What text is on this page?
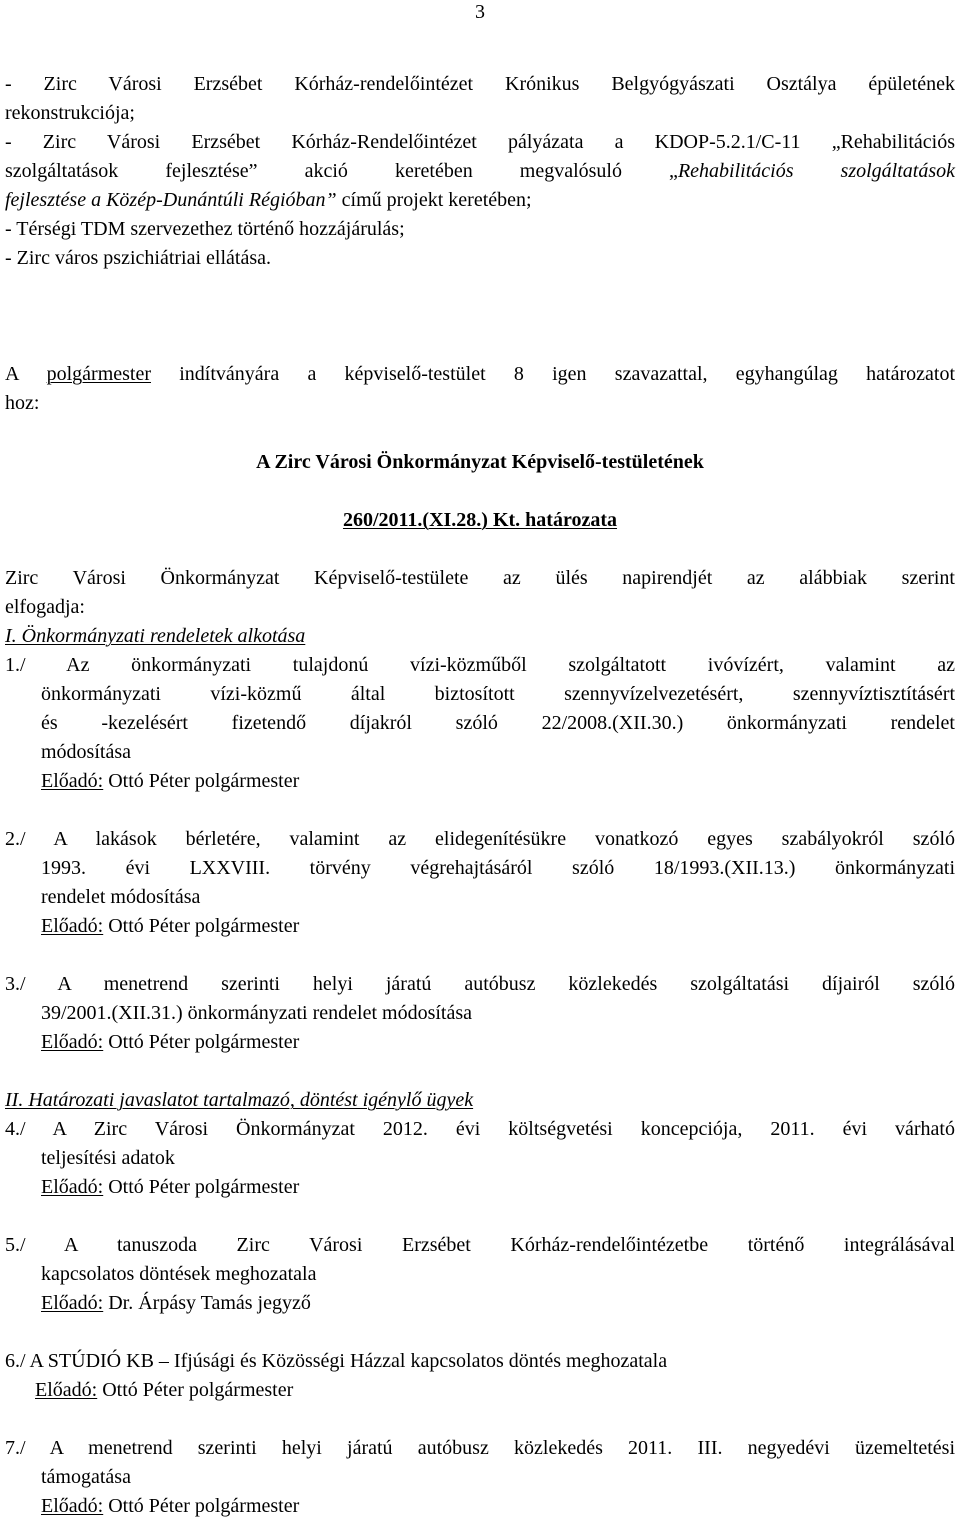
3
- Zirc Városi Erzsébet Kórház-rendelőintézet Krónikus Belgyógyászati Osztálya épületének
rekonstrukciója;
- Zirc Városi Erzsébet Kórház-Rendelőintézet pályázata a KDOP-5.2.1/C-11 „Rehabilitációs
szolgáltatások fejlesztése” akció keretében megvalósuló „Rehabilitációs szolgáltatások
fejlesztése a Közép-Dunántúli Régióban” című projekt keretében;
- Térségi TDM szervezethez történő hozzájárulás;
- Zirc város pszichiátriai ellátása.
A polgármester indítványára a képviselő-testület 8 igen szavazattal, egyhangúlag határozatot
hoz:
A Zirc Városi Önkormányzat Képviselő-testületének
260/2011.(XI.28.) Kt. határozata
Zirc Városi Önkormányzat Képviselő-testülete az ülés napirendjét az alábbiak szerint
elfogadja:
I. Önkormányzati rendeletek alkotása
1./ Az önkormányzati tulajdonú vízi-közműből szolgáltatott ivóvízért, valamint az
önkormányzati vízi-közmű által biztosított szennyvízelvezetésért, szennyvíztisztításért
és -kezelésért fizetendő díjakról szóló 22/2008.(XII.30.) önkormányzati rendelet
módosítása
Előadó: Ottó Péter polgármester
2./ A lakások bérletére, valamint az elidegenítésükre vonatkozó egyes szabályokról szóló
1993. évi LXXVIII. törvény végrehajtásáról szóló 18/1993.(XII.13.) önkormányzati
rendelet módosítása
Előadó: Ottó Péter polgármester
3./ A menetrend szerinti helyi járatú autóbusz közlekedés szolgáltatási díjairól szóló
39/2001.(XII.31.) önkormányzati rendelet módosítása
Előadó: Ottó Péter polgármester
II. Határozati javaslatot tartalmazó, döntést igénylő ügyek
4./ A Zirc Városi Önkormányzat 2012. évi költségvetési koncepciója, 2011. évi várható
teljesítési adatok
Előadó: Ottó Péter polgármester
5./ A tanuszoda Zirc Városi Erzsébet Kórház-rendelőintézetbe történő integrálásával
kapcsolatos döntések meghozatala
Előadó: Dr. Árpásy Tamás jegyző
6./ A STÚDIÓ KB – Ifjúsági és Közösségi Házzal kapcsolatos döntés meghozatala
Előadó: Ottó Péter polgármester
7./ A menetrend szerinti helyi járatú autóbusz közlekedés 2011. III. negyedévi üzemeltetési
támogatása
Előadó: Ottó Péter polgármester
